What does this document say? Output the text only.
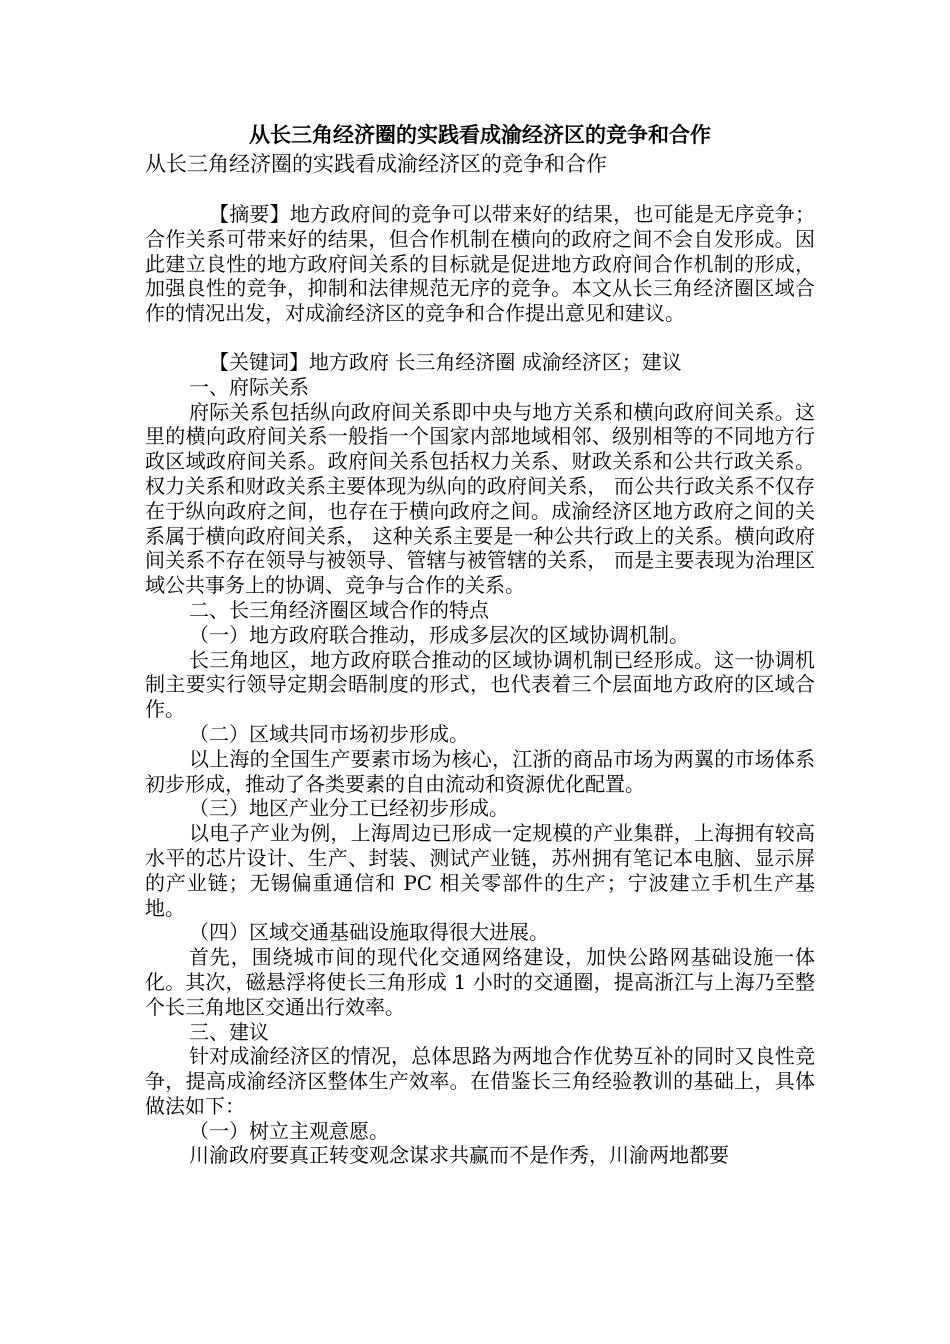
从长三角经济圈的实践看成渝经济区的竞争和合作

从长三角经济圈的实践看成渝经济区的竞争和合作

【摘要】地方政府间的竞争可以带来好的结果，也可能是无序竞争；合作关系可带来好的结果，但合作机制在横向的政府之间不会自发形成。因此建立良性的地方政府间关系的目标就是促进地方政府间合作机制的形成，加强良性的竞争，抑制和法律规范无序的竞争。本文从长三角经济圈区域合作的情况出发，对成渝经济区的竞争和合作提出意见和建议。

【关键词】地方政府 长三角经济圈 成渝经济区；建议

一、府际关系

府际关系包括纵向政府间关系即中央与地方关系和横向政府间关系。这里的横向政府间关系一般指一个国家内部地域相邻、级别相等的不同地方行政区域政府间关系。政府间关系包括权力关系、财政关系和公共行政关系。权力关系和财政关系主要体现为纵向的政府间关系， 而公共行政关系不仅存在于纵向政府之间，也存在于横向政府之间。成渝经济区地方政府之间的关系属于横向政府间关系， 这种关系主要是一种公共行政上的关系。横向政府间关系不存在领导与被领导、管辖与被管辖的关系， 而是主要表现为治理区域公共事务上的协调、竞争与合作的关系。

二、长三角经济圈区域合作的特点

（一）地方政府联合推动，形成多层次的区域协调机制。

长三角地区，地方政府联合推动的区域协调机制已经形成。这一协调机制主要实行领导定期会晤制度的形式，也代表着三个层面地方政府的区域合作。

（二）区域共同市场初步形成。

以上海的全国生产要素市场为核心，江浙的商品市场为两翼的市场体系初步形成，推动了各类要素的自由流动和资源优化配置。

（三）地区产业分工已经初步形成。

以电子产业为例，上海周边已形成一定规模的产业集群，上海拥有较高水平的芯片设计、生产、封装、测试产业链，苏州拥有笔记本电脑、显示屏的产业链；无锡偏重通信和 PC 相关零部件的生产；宁波建立手机生产基地。

（四）区域交通基础设施取得很大进展。

首先，围绕城市间的现代化交通网络建设，加快公路网基础设施一体化。其次，磁悬浮将使长三角形成 1 小时的交通圈，提高浙江与上海乃至整个长三角地区交通出行效率。

三、建议

针对成渝经济区的情况，总体思路为两地合作优势互补的同时又良性竞争，提高成渝经济区整体生产效率。在借鉴长三角经验教训的基础上，具体做法如下：

（一）树立主观意愿。

川渝政府要真正转变观念谋求共赢而不是作秀，川渝两地都要
